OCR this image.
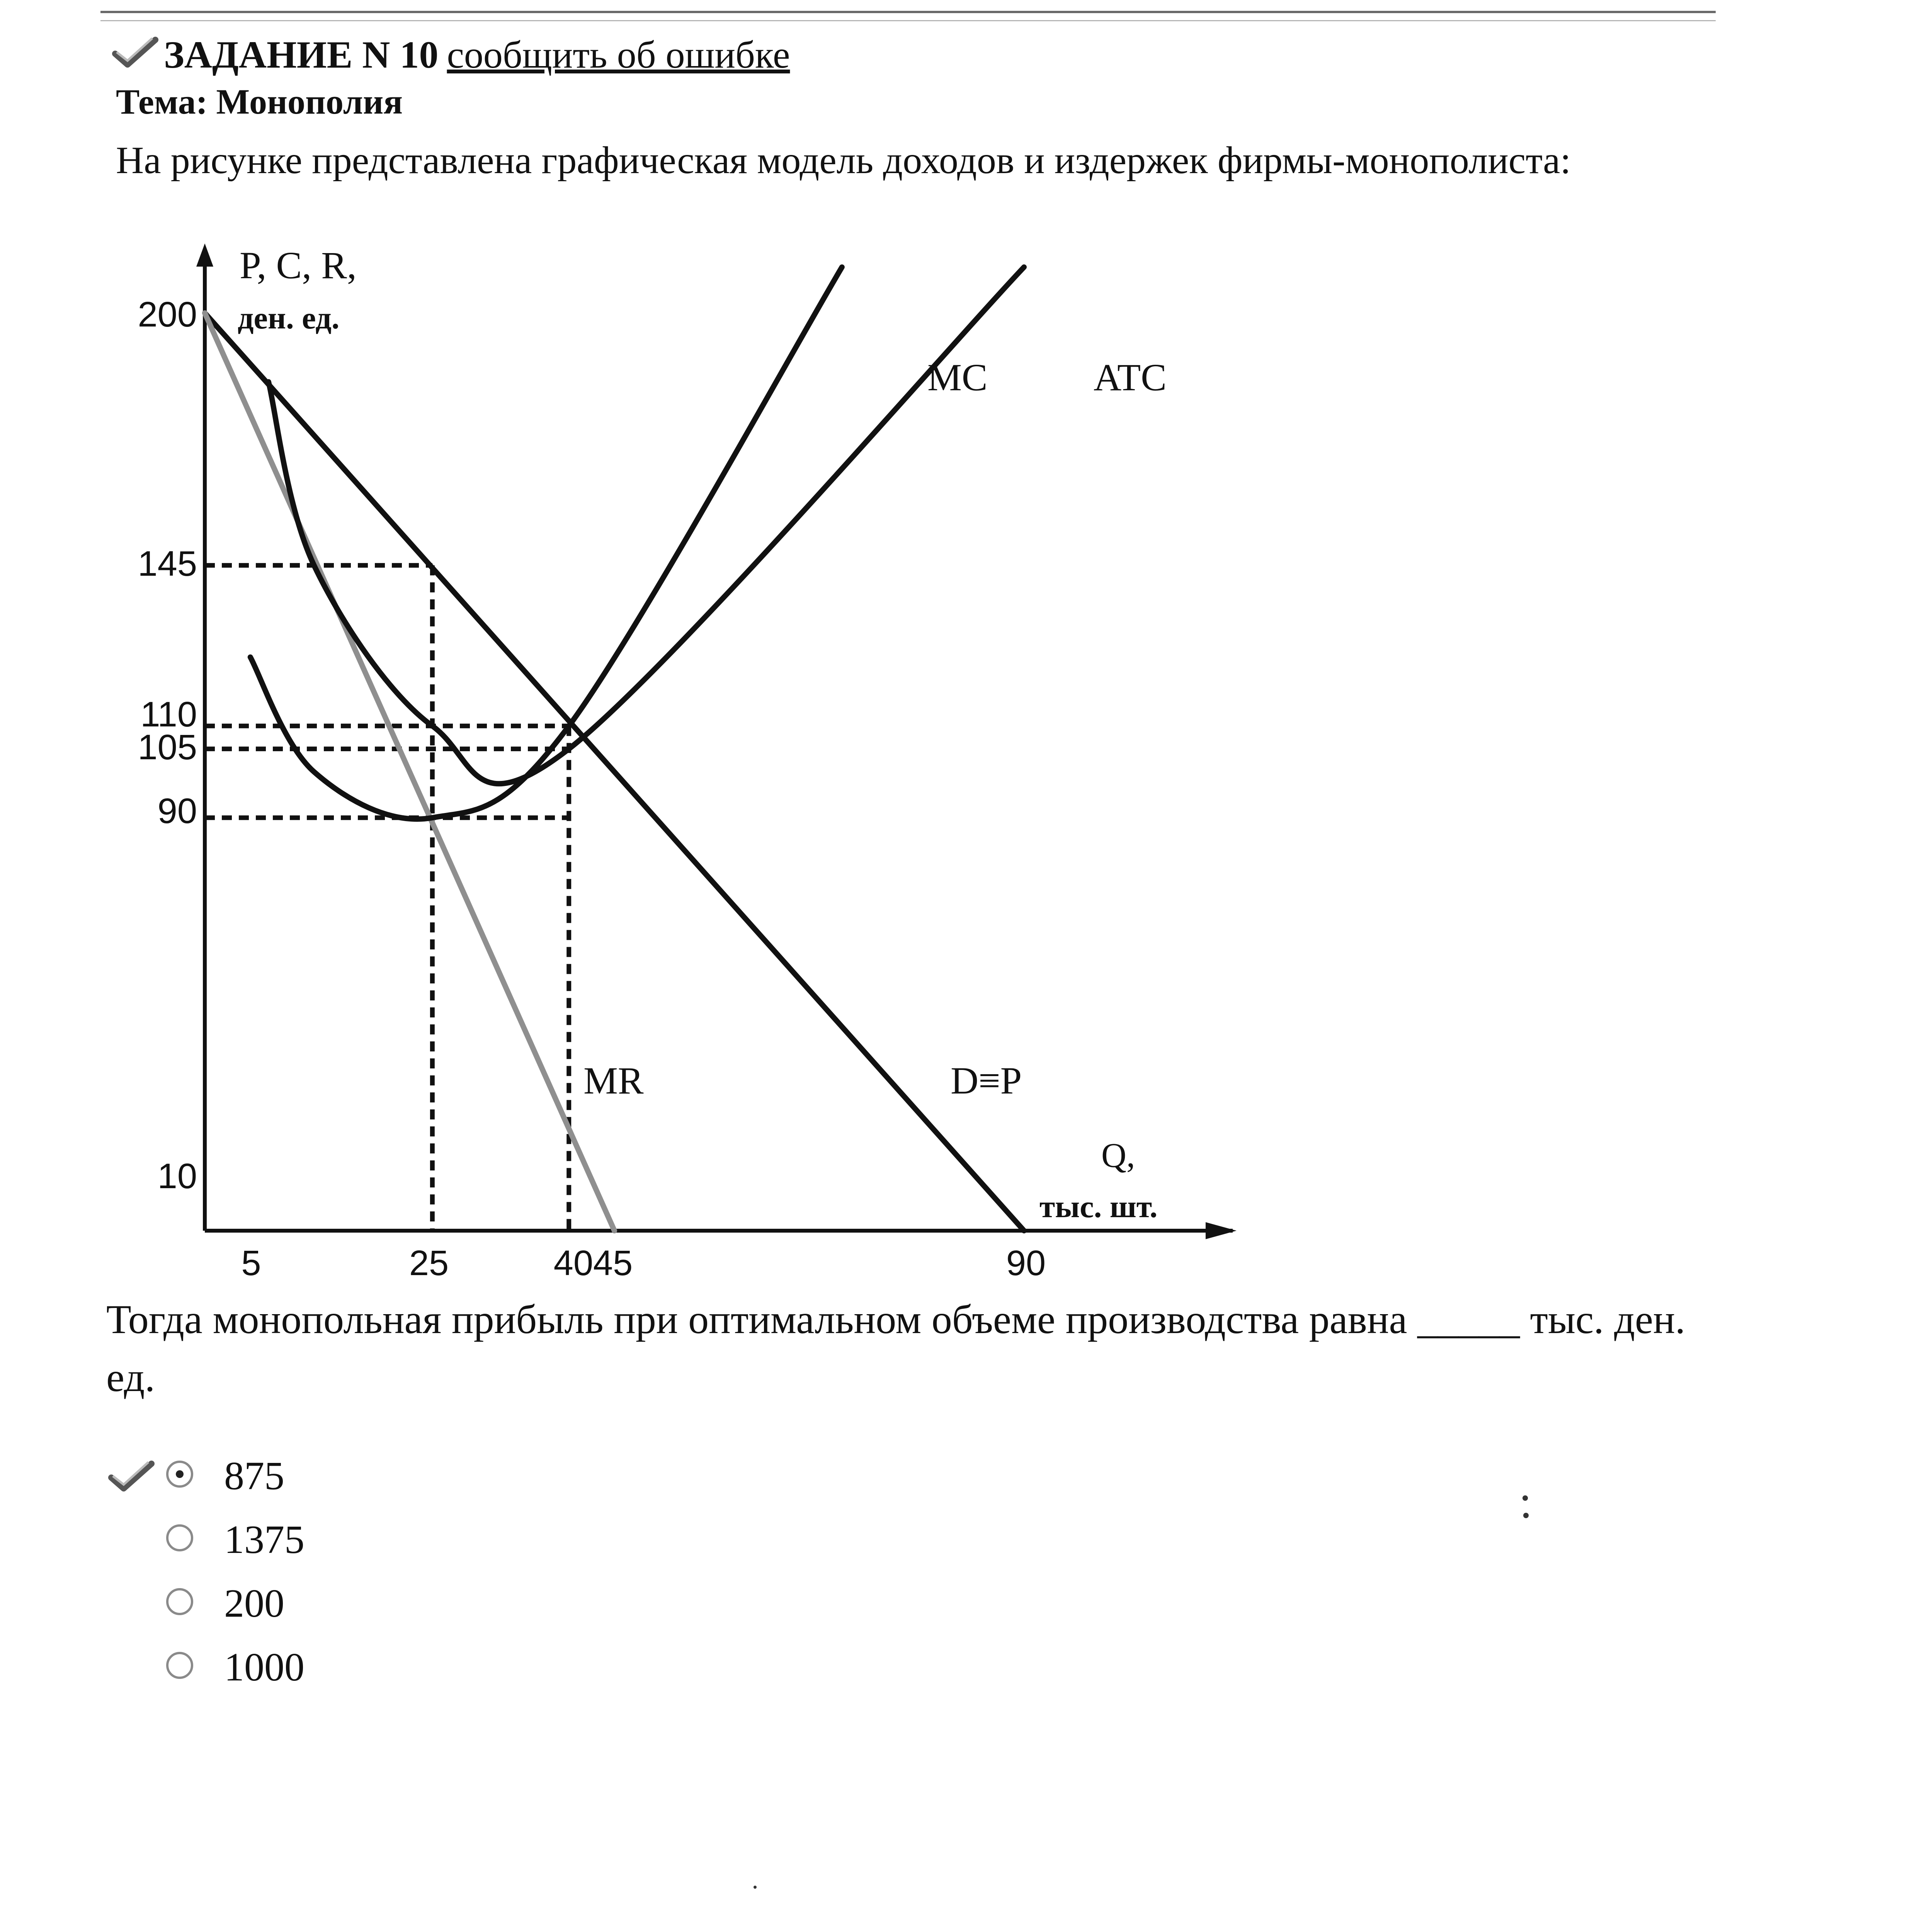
ЗАДАНИЕ N 10 сообщить об ошибке
Тема: Монополия
На рисунке представлена графическая модель доходов и издержек фирмы-монополиста:
P, C, R,
ден. ед.
Q,
тыс. шт.
200
145
110
105
90
10
5	25	4045	90
D≡P
MR
MC	ATC
Тогда монопольная прибыль при оптимальном объеме производства равна _____ тыс. ден. ед.
875
1375
200
1000
